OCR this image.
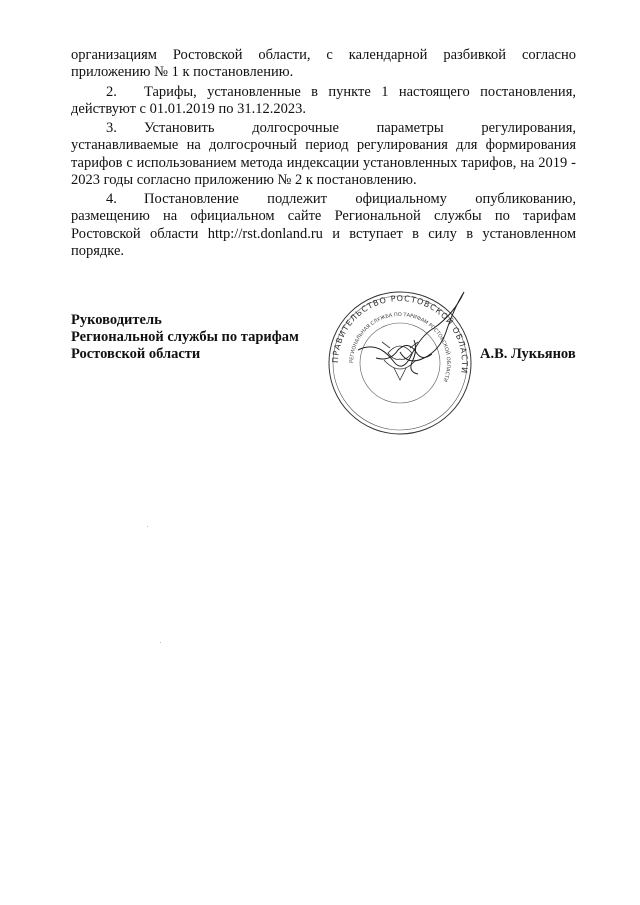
организациям Ростовской области, с календарной разбивкой согласно приложению № 1 к постановлению.
2. Тарифы, установленные в пункте 1 настоящего постановления, действуют с 01.01.2019 по 31.12.2023.
3. Установить долгосрочные параметры регулирования, устанавливаемые на долгосрочный период регулирования для формирования тарифов с использованием метода индексации установленных тарифов, на 2019 - 2023 годы согласно приложению № 2 к постановлению.
4. Постановление подлежит официальному опубликованию, размещению на официальном сайте Региональной службы по тарифам Ростовской области http://rst.donland.ru и вступает в силу в установленном порядке.
Руководитель
Региональной службы по тарифам
Ростовской области	ПРАВИТЕЛЬСТВО РОСТОВСКОЙ ОБЛАСТИ
РЕГИОНАЛЬНАЯ СЛУЖБА ПО ТАРИФАМ РОСТОВСКОЙ ОБЛАСТИ
А.В. Лукьянов
